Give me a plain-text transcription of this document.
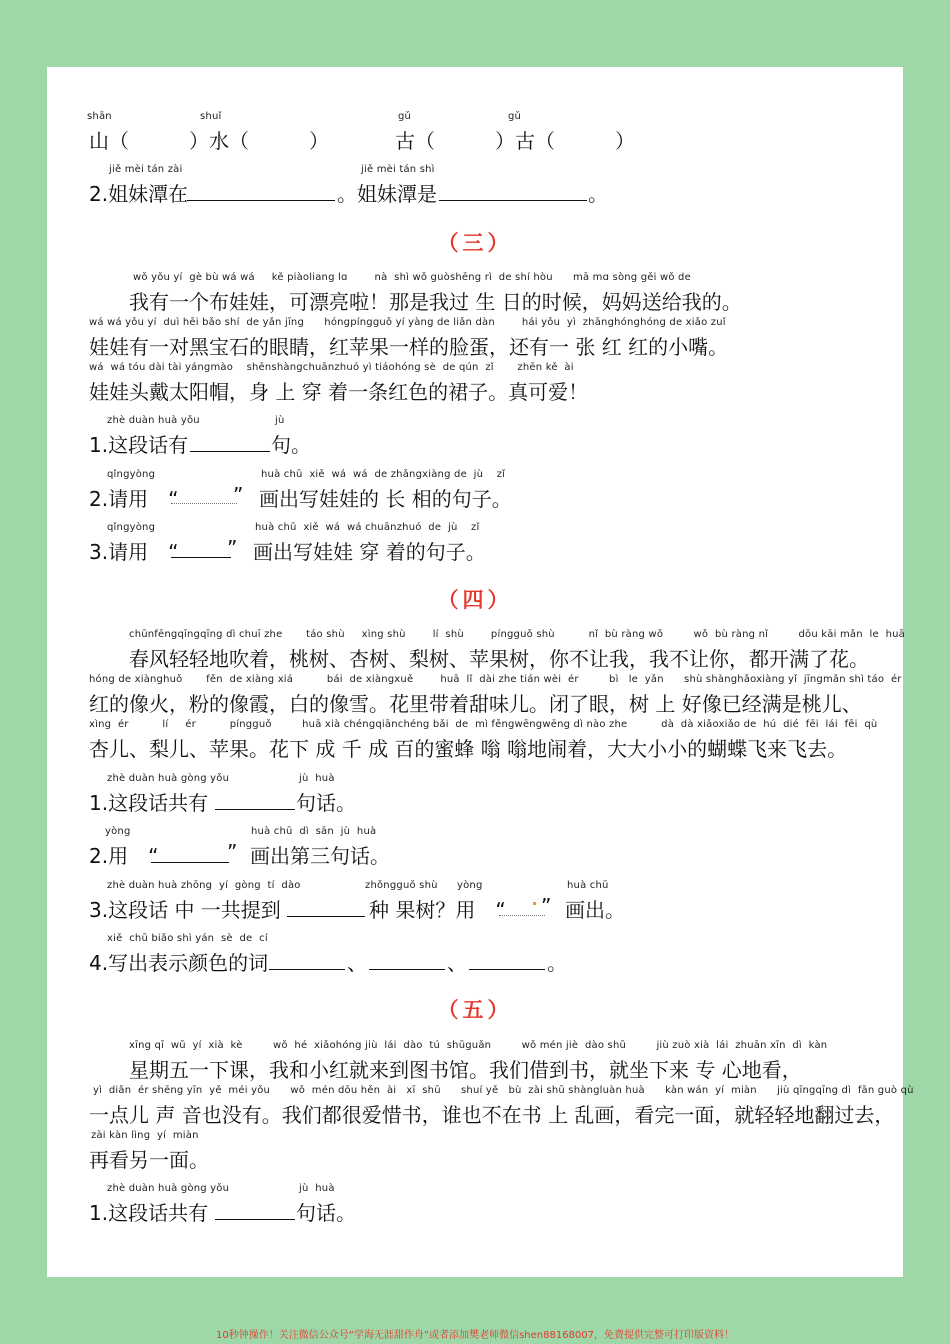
shān	shuǐ	gǔ	gǔ
山（　　　）水（　　　）	古（　　　）古（　　　）
jiě mèi tán zài	jiě mèi tán shì
2.姐妹潭在	。姐妹潭是	。
（三）
wǒ yǒu yí  gè bù wá wá     kě piàoliang lɑ        nà  shì wǒ guòshēng rì  de shí hòu      mā mɑ sòng gěi wǒ de
我有一个布娃娃，可漂亮啦！那是我过 生 日的时候，妈妈送给我的。
wá wá yǒu yí  duì hēi bǎo shí  de yǎn jīng      hóngpíngguǒ yí yàng de liǎn dàn        hái yǒu  yì  zhānghónghóng de xiǎo zuǐ
娃娃有一对黑宝石的眼睛，红苹果一样的脸蛋，还有一 张 红 红的小嘴。
wá  wá tóu dài tài yángmào    shēnshàngchuānzhuó yì tiáohóng sè  de qún  zǐ       zhēn kě  ài
娃娃头戴太阳帽，身 上 穿 着一条红色的裙子。真可爱！
zhè duàn huà yǒu	jù
1.这段话有	句。
qǐngyòng	huà chū  xiě  wá  wá  de zhǎngxiàng de  jù    zǐ
2.请用　“	” 画出写娃娃的 长 相的句子。
qǐngyòng	huà chū  xiě  wá  wá chuānzhuó  de  jù    zǐ
3.请用　“ ” 画出写娃娃 穿 着的句子。
（四）
chūnfēngqīngqīng dì chuī zhe       táo shù     xìng shù        lí  shù        píngguǒ shù          nǐ  bù ràng wǒ         wǒ  bù ràng nǐ         dōu kāi mǎn  le  huā
春风轻轻地吹着，桃树、杏树、梨树、苹果树，你不让我，我不让你，都开满了花。
hóng de xiànghuǒ       fěn  de xiàng xiá          bái  de xiàngxuě        huā  lǐ  dài zhe tián wèi  ér         bì   le  yǎn      shù shànghǎoxiàng yǐ  jīngmǎn shì táo  ér
红的像火，粉的像霞，白的像雪。花里带着甜味儿。闭了眼，树 上 好像已经满是桃儿、
xìng  ér          lí     ér          píngguǒ         huā xià chéngqiānchéng bǎi  de  mì fēngwēngwēng dì nào zhe          dà  dà xiǎoxiǎo de  hú  dié  fēi  lái  fēi  qù
杏儿、梨儿、苹果。花下 成 千 成 百的蜜蜂 嗡 嗡地闹着，大大小小的蝴蝶飞来飞去。
zhè duàn huà gòng yǒu	jù  huà
1.这段话共有	句话。
yòng	huà chū  dì  sān  jù  huà
2.用　“	” 画出第三句话。
zhè duàn huà zhōng  yí  gòng  tí  dào	zhǒngguǒ shù yòng	huà chū
3.这段话 中 一共提到	种 果树？用　“ ” 画出。
xiě  chū biǎo shì yán  sè  de  cí
4.写出表示颜色的词	、	、	。
（五）
xīng qī  wǔ  yí  xià  kè         wǒ  hé  xiǎohóng jiù  lái  dào  tú  shūguǎn         wǒ mén jiè  dào shū         jiù zuò xià  lái  zhuān xīn  dì  kàn
星期五一下课，我和小红就来到图书馆。我们借到书，就坐下来 专 心地看，
yì  diǎn  ér shēng yīn  yě  méi yǒu      wǒ  mén dōu hěn  ài   xī  shū      shuí yě   bù  zài shū shàngluàn huà      kàn wán  yí  miàn      jiù qīngqīng dì  fān guò qù
一点儿 声 音也没有。我们都很爱惜书，谁也不在书 上 乱画，看完一面，就轻轻地翻过去，
zài kàn lìng  yí  miàn
再看另一面。
zhè duàn huà gòng yǒu	jù  huà
1.这段话共有	句话。
10秒钟操作！关注微信公众号“学海无涯甜作舟”或者添加樊老师微信shen88168007，免费提供完整可打印版资料！
